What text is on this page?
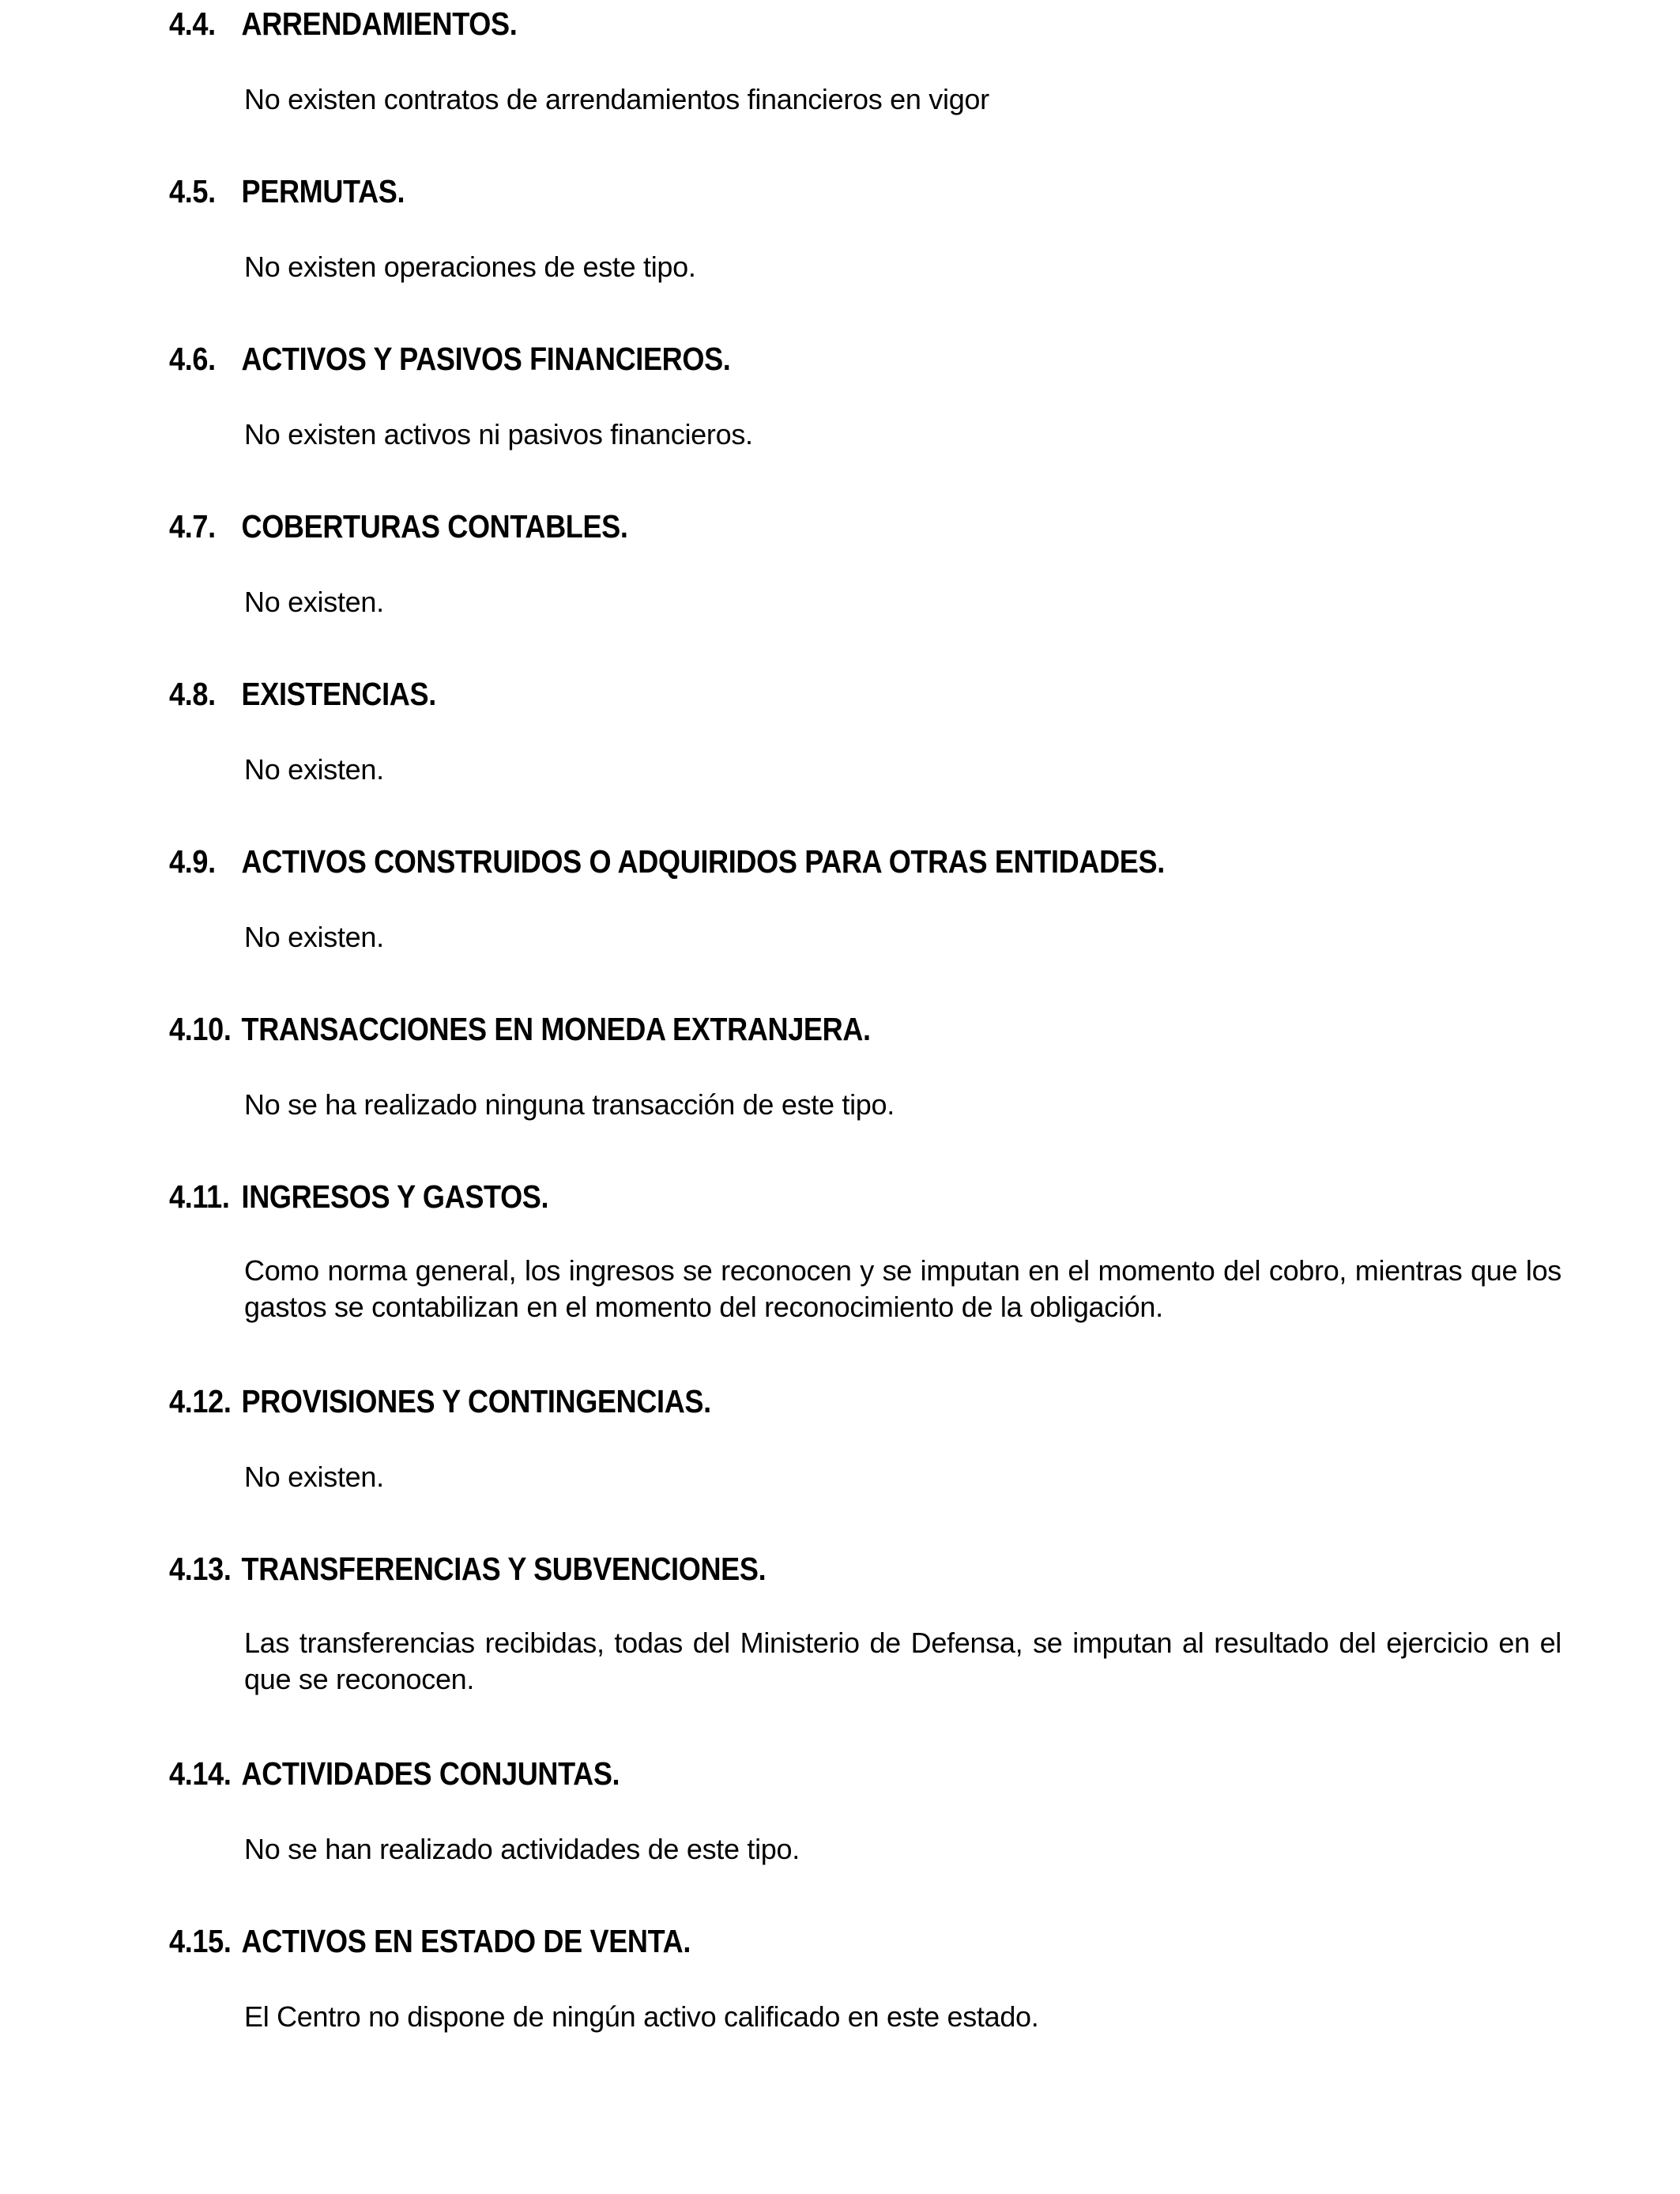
4.4. ARRENDAMIENTOS.
No existen contratos de arrendamientos financieros en vigor
4.5. PERMUTAS.
No existen operaciones de este tipo.
4.6. ACTIVOS Y PASIVOS FINANCIEROS.
No existen activos ni pasivos financieros.
4.7. COBERTURAS CONTABLES.
No existen.
4.8. EXISTENCIAS.
No existen.
4.9. ACTIVOS CONSTRUIDOS O ADQUIRIDOS PARA OTRAS ENTIDADES.
No existen.
4.10. TRANSACCIONES EN MONEDA EXTRANJERA.
No se ha realizado ninguna transacción de este tipo.
4.11. INGRESOS Y GASTOS.
Como norma general, los ingresos se reconocen y se imputan en el momento del cobro, mientras que los gastos se contabilizan en el momento del reconocimiento de la obligación.
4.12. PROVISIONES Y CONTINGENCIAS.
No existen.
4.13. TRANSFERENCIAS Y SUBVENCIONES.
Las transferencias recibidas, todas del Ministerio de Defensa, se imputan al resultado del ejercicio en el que se reconocen.
4.14. ACTIVIDADES CONJUNTAS.
No se han realizado actividades de este tipo.
4.15. ACTIVOS EN ESTADO DE VENTA.
El Centro no dispone de ningún activo calificado en este estado.
